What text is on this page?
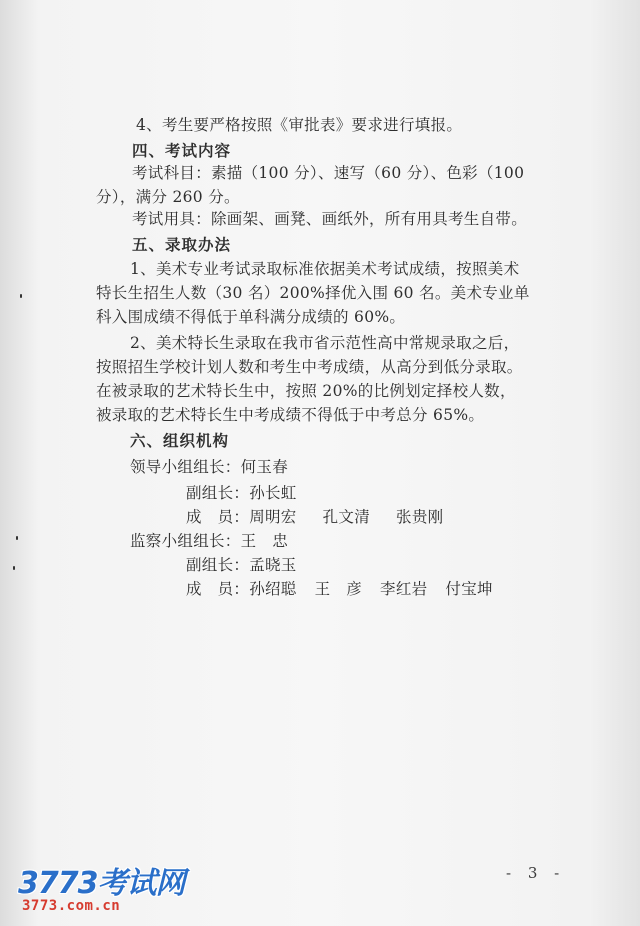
4、考生要严格按照《审批表》要求进行填报。
四、考试内容
考试科目：素描（100 分）、速写（60 分）、色彩（100
分），满分 260 分。
考试用具：除画架、画凳、画纸外，所有用具考生自带。
五、录取办法
1、美术专业考试录取标准依据美术考试成绩，按照美术
特长生招生人数（30 名）200%择优入围 60 名。美术专业单
科入围成绩不得低于单科满分成绩的 60%。
2、美术特长生录取在我市省示范性高中常规录取之后，
按照招生学校计划人数和考生中考成绩，从高分到低分录取。
在被录取的艺术特长生中，按照 20%的比例划定择校人数，
被录取的艺术特长生中考成绩不得低于中考总分 65%。
六、组织机构
领导小组组长：何玉春
副组长：孙长虹
成　员：周明宏 孔文清 张贵刚
监察小组组长：王　忠
副组长：孟晓玉
成　员：孙绍聪 王　彦 李红岩 付宝坤
- 3 -
3773考试网
3773.com.cn
